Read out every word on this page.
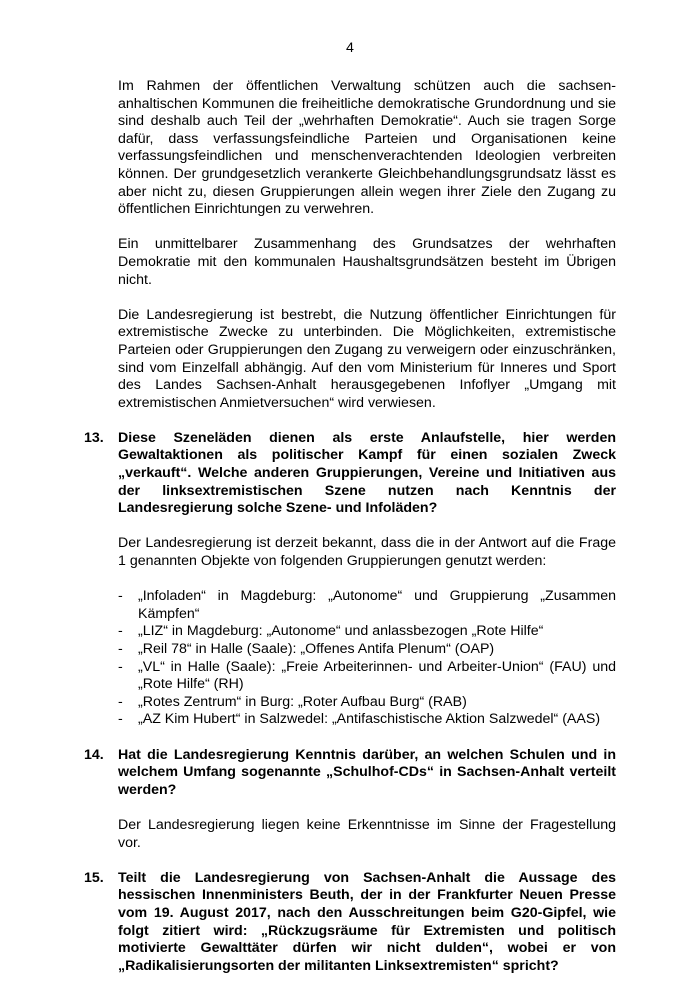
4

Im Rahmen der öffentlichen Verwaltung schützen auch die sachsen-anhaltischen Kommunen die freiheitliche demokratische Grundordnung und sie sind deshalb auch Teil der „wehrhaften Demokratie“. Auch sie tragen Sorge dafür, dass verfassungsfeindliche Parteien und Organisationen keine verfassungsfeindlichen und menschenverachtenden Ideologien verbreiten können. Der grundgesetzlich verankerte Gleichbehandlungsgrundsatz lässt es aber nicht zu, diesen Gruppierungen allein wegen ihrer Ziele den Zugang zu öffentlichen Einrichtungen zu verwehren.

Ein unmittelbarer Zusammenhang des Grundsatzes der wehrhaften Demokratie mit den kommunalen Haushaltsgrundsätzen besteht im Übrigen nicht.

Die Landesregierung ist bestrebt, die Nutzung öffentlicher Einrichtungen für extremistische Zwecke zu unterbinden. Die Möglichkeiten, extremistische Parteien oder Gruppierungen den Zugang zu verweigern oder einzuschränken, sind vom Einzelfall abhängig. Auf den vom Ministerium für Inneres und Sport des Landes Sachsen-Anhalt herausgegebenen Infoflyer „Umgang mit extremistischen Anmietversuchen“ wird verwiesen.

13. Diese Szeneläden dienen als erste Anlaufstelle, hier werden Gewaltaktionen als politischer Kampf für einen sozialen Zweck „verkauft“. Welche anderen Gruppierungen, Vereine und Initiativen aus der linksextremistischen Szene nutzen nach Kenntnis der Landesregierung solche Szene- und Infoläden?

Der Landesregierung ist derzeit bekannt, dass die in der Antwort auf die Frage 1 genannten Objekte von folgenden Gruppierungen genutzt werden:

- „Infoladen“ in Magdeburg: „Autonome“ und Gruppierung „Zusammen Kämpfen“
- „LIZ“ in Magdeburg: „Autonome“ und anlassbezogen „Rote Hilfe“
- „Reil 78“ in Halle (Saale): „Offenes Antifa Plenum“ (OAP)
- „VL“ in Halle (Saale): „Freie Arbeiterinnen- und Arbeiter-Union“ (FAU) und „Rote Hilfe“ (RH)
- „Rotes Zentrum“ in Burg: „Roter Aufbau Burg“ (RAB)
- „AZ Kim Hubert“ in Salzwedel: „Antifaschistische Aktion Salzwedel“ (AAS)
14. Hat die Landesregierung Kenntnis darüber, an welchen Schulen und in welchem Umfang sogenannte „Schulhof-CDs“ in Sachsen-Anhalt verteilt werden?

Der Landesregierung liegen keine Erkenntnisse im Sinne der Fragestellung vor.

15. Teilt die Landesregierung von Sachsen-Anhalt die Aussage des hessischen Innenministers Beuth, der in der Frankfurter Neuen Presse vom 19. August 2017, nach den Ausschreitungen beim G20-Gipfel, wie folgt zitiert wird: „Rückzugsräume für Extremisten und politisch motivierte Gewalttäter dürfen wir nicht dulden“, wobei er von „Radikalisierungsorten der militanten Linksextremisten“ spricht?
